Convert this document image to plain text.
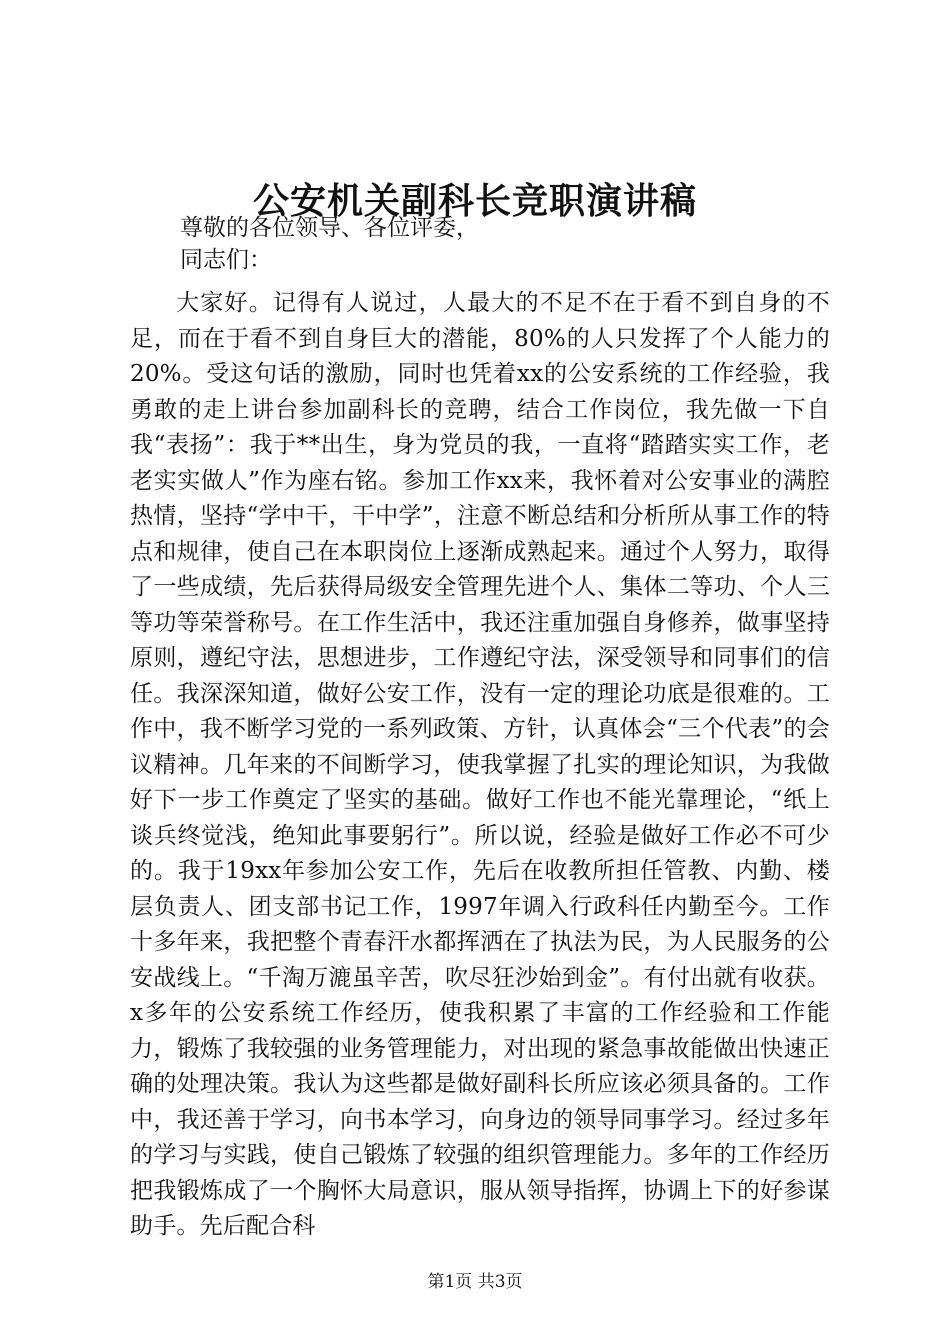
公安机关副科长竞职演讲稿

尊敬的各位领导、各位评委，

同志们：

大家好。记得有人说过，人最大的不足不在于看不到自身的不足，而在于看不到自身巨大的潜能，80%的人只发挥了个人能力的20%。受这句话的激励，同时也凭着xx的公安系统的工作经验，我勇敢的走上讲台参加副科长的竞聘，结合工作岗位，我先做一下自我“表扬”：我于**出生，身为党员的我，一直将“踏踏实实工作，老老实实做人”作为座右铭。参加工作xx来，我怀着对公安事业的满腔热情，坚持“学中干，干中学”，注意不断总结和分析所从事工作的特点和规律，使自己在本职岗位上逐渐成熟起来。通过个人努力，取得了一些成绩，先后获得局级安全管理先进个人、集体二等功、个人三等功等荣誉称号。在工作生活中，我还注重加强自身修养，做事坚持原则，遵纪守法，思想进步，工作遵纪守法，深受领导和同事们的信任。我深深知道，做好公安工作，没有一定的理论功底是很难的。工作中，我不断学习党的一系列政策、方针，认真体会“三个代表”的会议精神。几年来的不间断学习，使我掌握了扎实的理论知识，为我做好下一步工作奠定了坚实的基础。做好工作也不能光靠理论，“纸上谈兵终觉浅，绝知此事要躬行”。所以说，经验是做好工作必不可少的。我于19xx年参加公安工作，先后在收教所担任管教、内勤、楼层负责人、团支部书记工作，1997年调入行政科任内勤至今。工作十多年来，我把整个青春汗水都挥洒在了执法为民，为人民服务的公安战线上。“千淘万漉虽辛苦，吹尽狂沙始到金”。有付出就有收获。x多年的公安系统工作经历，使我积累了丰富的工作经验和工作能力，锻炼了我较强的业务管理能力，对出现的紧急事故能做出快速正确的处理决策。我认为这些都是做好副科长所应该必须具备的。工作中，我还善于学习，向书本学习，向身边的领导同事学习。经过多年的学习与实践，使自己锻炼了较强的组织管理能力。多年的工作经历把我锻炼成了一个胸怀大局意识，服从领导指挥，协调上下的好参谋助手。先后配合科

第1页 共3页
